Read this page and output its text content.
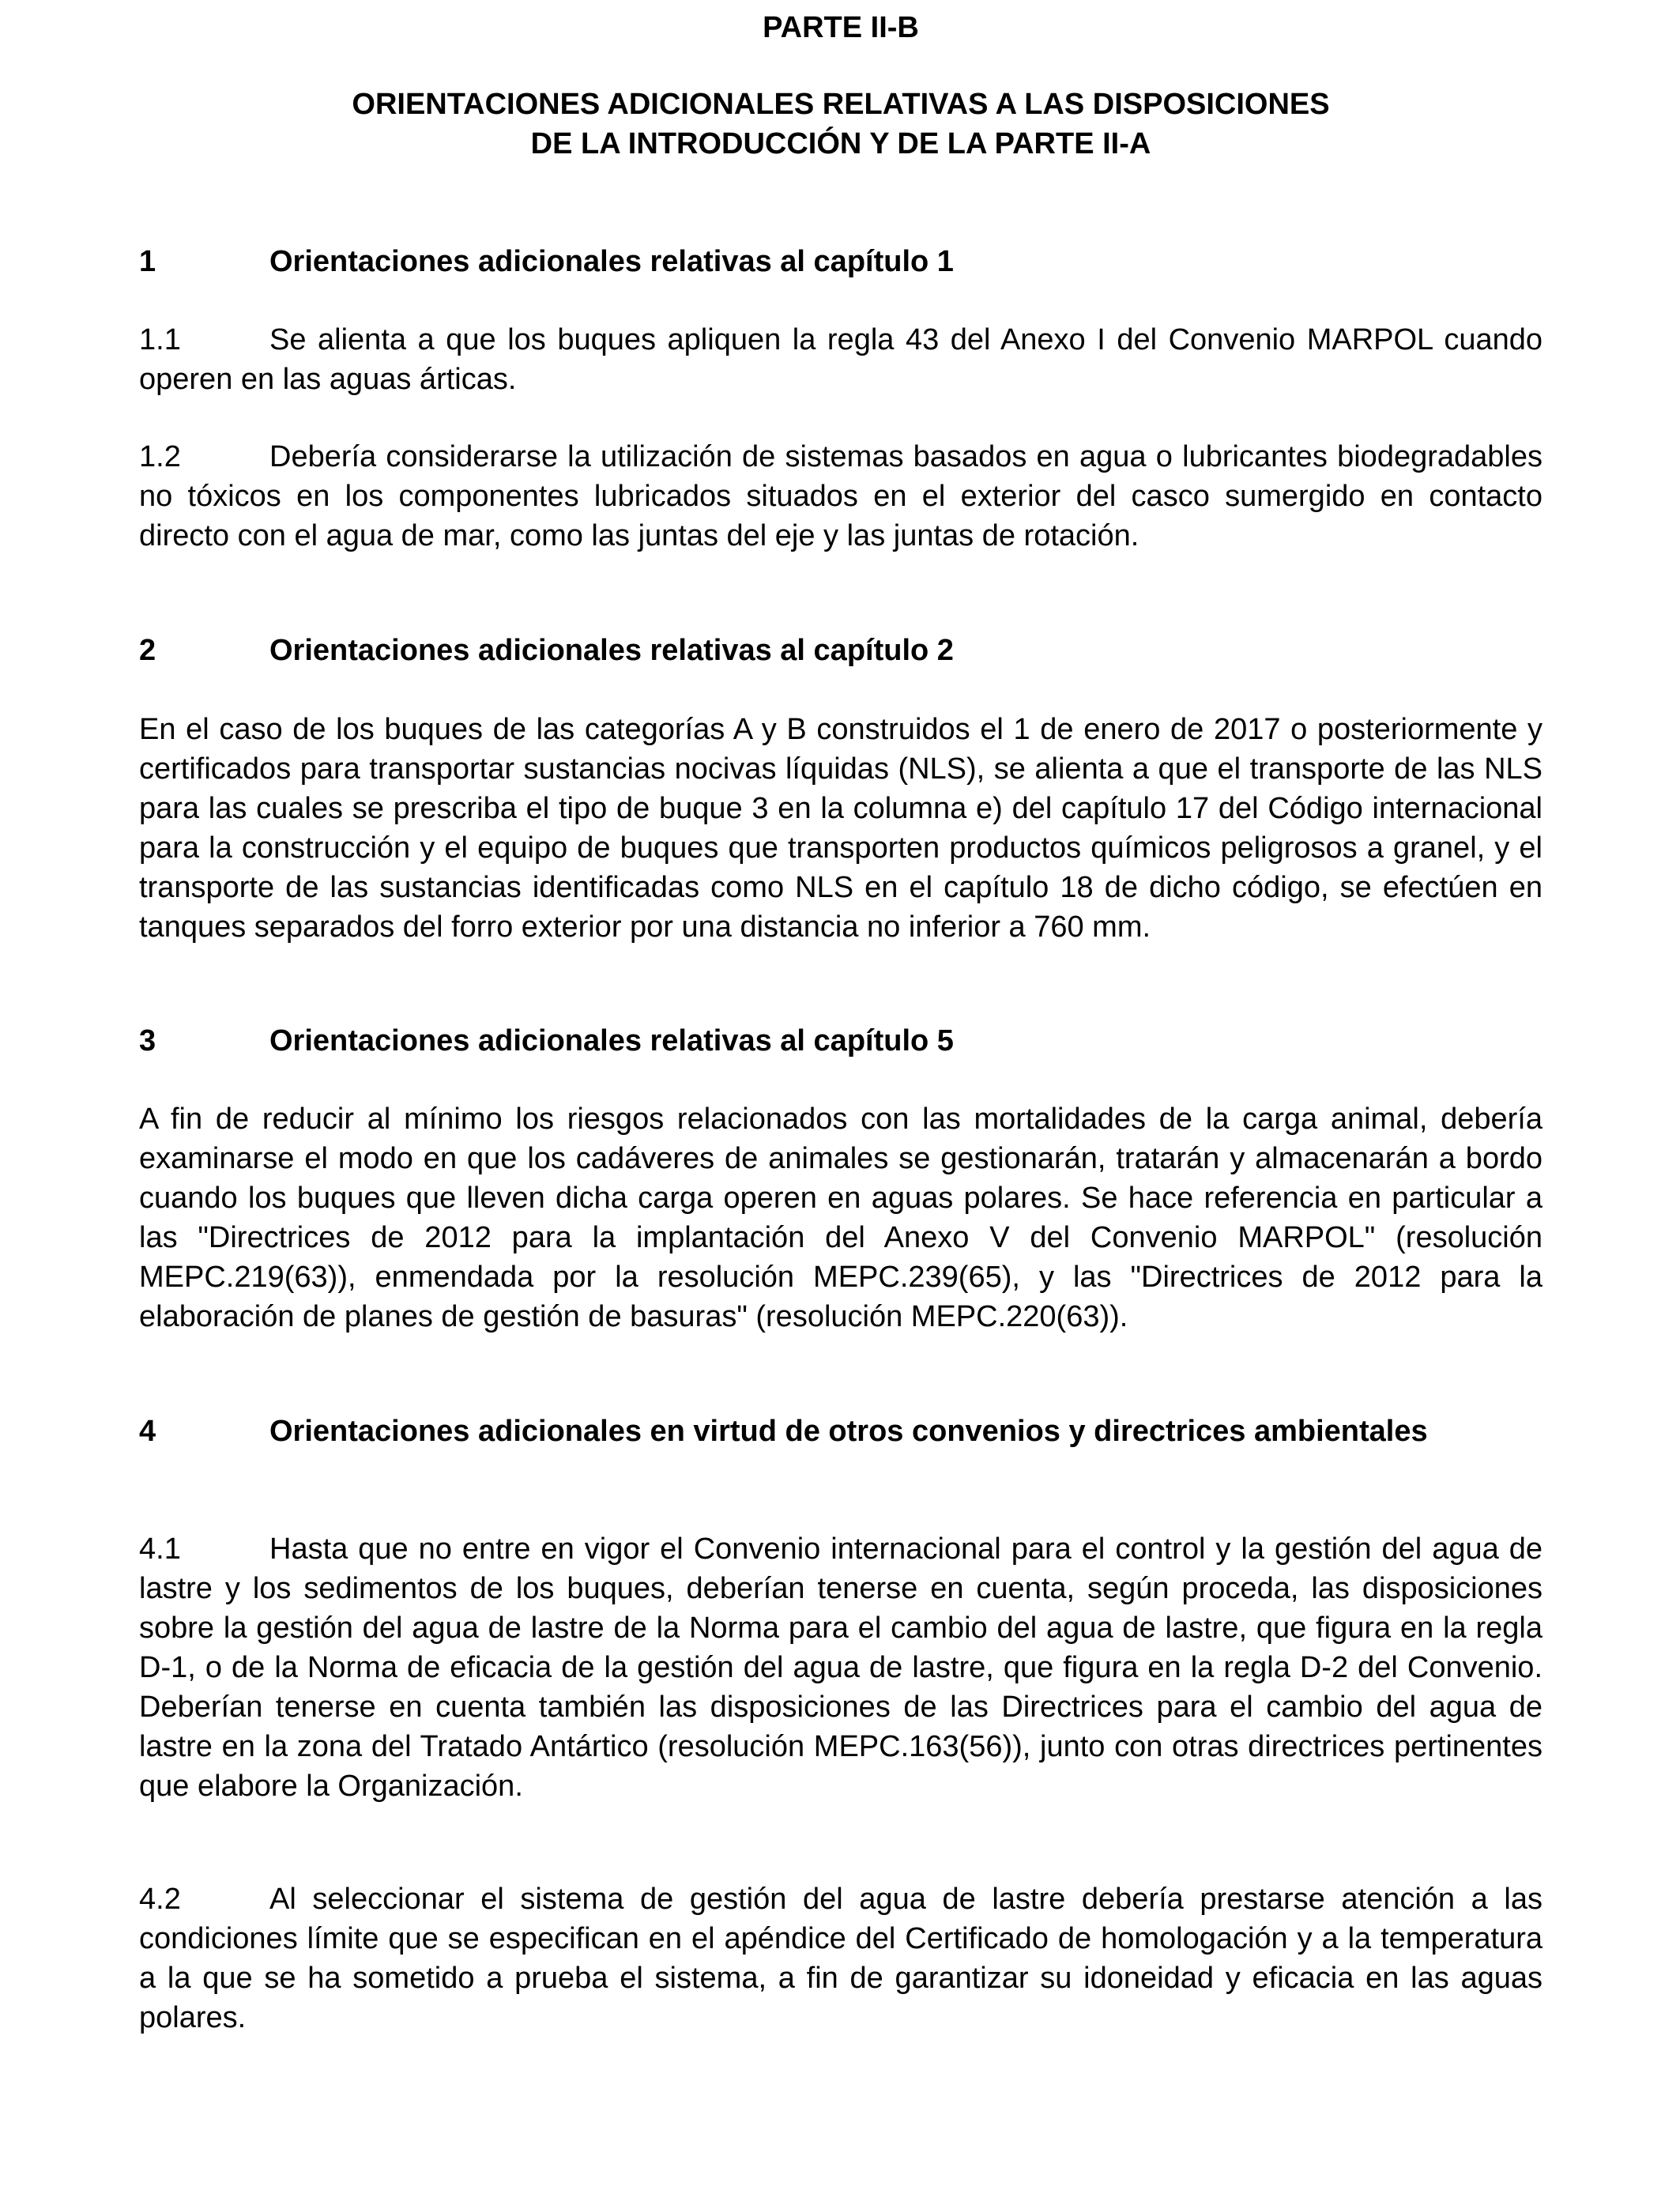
PARTE II-B
ORIENTACIONES ADICIONALES RELATIVAS A LAS DISPOSICIONES
DE LA INTRODUCCIÓN Y DE LA PARTE II-A
1	Orientaciones adicionales relativas al capítulo 1

1.1	Se alienta a que los buques apliquen la regla 43 del Anexo I del Convenio MARPOL cuando operen en las aguas árticas.

1.2	Debería considerarse la utilización de sistemas basados en agua o lubricantes biodegradables no tóxicos en los componentes lubricados situados en el exterior del casco sumergido en contacto directo con el agua de mar, como las juntas del eje y las juntas de rotación.

2	Orientaciones adicionales relativas al capítulo 2

En el caso de los buques de las categorías A y B construidos el 1 de enero de 2017 o posteriormente y certificados para transportar sustancias nocivas líquidas (NLS), se alienta a que el transporte de las NLS para las cuales se prescriba el tipo de buque 3 en la columna e) del capítulo 17 del Código internacional para la construcción y el equipo de buques que transporten productos químicos peligrosos a granel, y el transporte de las sustancias identificadas como NLS en el capítulo 18 de dicho código, se efectúen en tanques separados del forro exterior por una distancia no inferior a 760 mm.

3	Orientaciones adicionales relativas al capítulo 5

A fin de reducir al mínimo los riesgos relacionados con las mortalidades de la carga animal, debería examinarse el modo en que los cadáveres de animales se gestionarán, tratarán y almacenarán a bordo cuando los buques que lleven dicha carga operen en aguas polares. Se hace referencia en particular a las "Directrices de 2012 para la implantación del Anexo V del Convenio MARPOL" (resolución MEPC.219(63)), enmendada por la resolución MEPC.239(65), y las "Directrices de 2012 para la elaboración de planes de gestión de basuras" (resolución MEPC.220(63)).

4	Orientaciones adicionales en virtud de otros convenios y directrices ambientales

4.1	Hasta que no entre en vigor el Convenio internacional para el control y la gestión del agua de lastre y los sedimentos de los buques, deberían tenerse en cuenta, según proceda, las disposiciones sobre la gestión del agua de lastre de la Norma para el cambio del agua de lastre, que figura en la regla D-1, o de la Norma de eficacia de la gestión del agua de lastre, que figura en la regla D-2 del Convenio. Deberían tenerse en cuenta también las disposiciones de las Directrices para el cambio del agua de lastre en la zona del Tratado Antártico (resolución MEPC.163(56)), junto con otras directrices pertinentes que elabore la Organización.

4.2	Al seleccionar el sistema de gestión del agua de lastre debería prestarse atención a las condiciones límite que se especifican en el apéndice del Certificado de homologación y a la temperatura a la que se ha sometido a prueba el sistema, a fin de garantizar su idoneidad y eficacia en las aguas polares.
